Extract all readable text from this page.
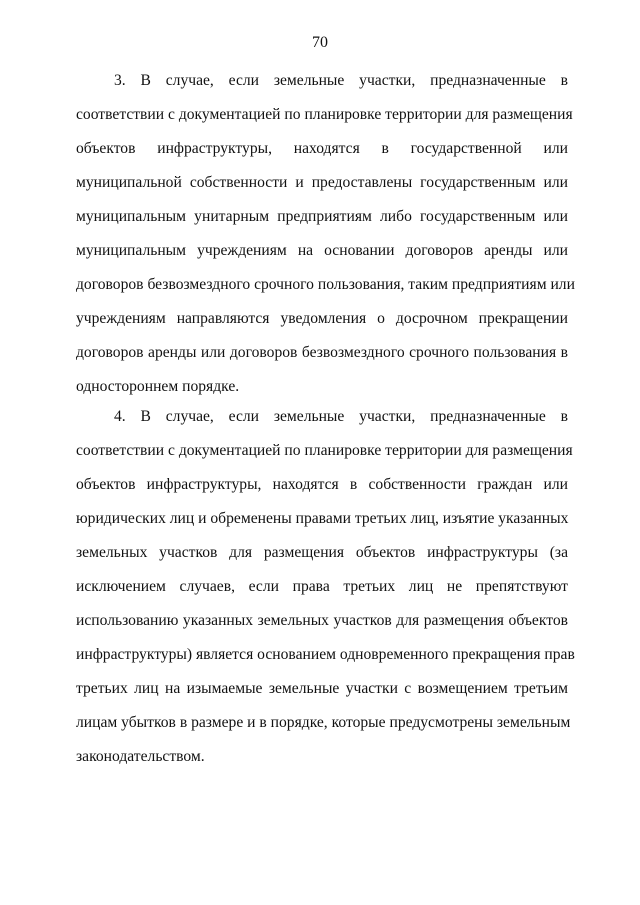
70
3. В случае, если земельные участки, предназначенные в
соответствии с документацией по планировке территории для размещения
объектов инфраструктуры, находятся в государственной или
муниципальной собственности и предоставлены государственным или
муниципальным унитарным предприятиям либо государственным или
муниципальным учреждениям на основании договоров аренды или
договоров безвозмездного срочного пользования, таким предприятиям или
учреждениям направляются уведомления о досрочном прекращении
договоров аренды или договоров безвозмездного срочного пользования в
одностороннем порядке.
4. В случае, если земельные участки, предназначенные в
соответствии с документацией по планировке территории для размещения
объектов инфраструктуры, находятся в собственности граждан или
юридических лиц и обременены правами третьих лиц, изъятие указанных
земельных участков для размещения объектов инфраструктуры (за
исключением случаев, если права третьих лиц не препятствуют
использованию указанных земельных участков для размещения объектов
инфраструктуры) является основанием одновременного прекращения прав
третьих лиц на изымаемые земельные участки с возмещением третьим
лицам убытков в размере и в порядке, которые предусмотрены земельным
законодательством.
